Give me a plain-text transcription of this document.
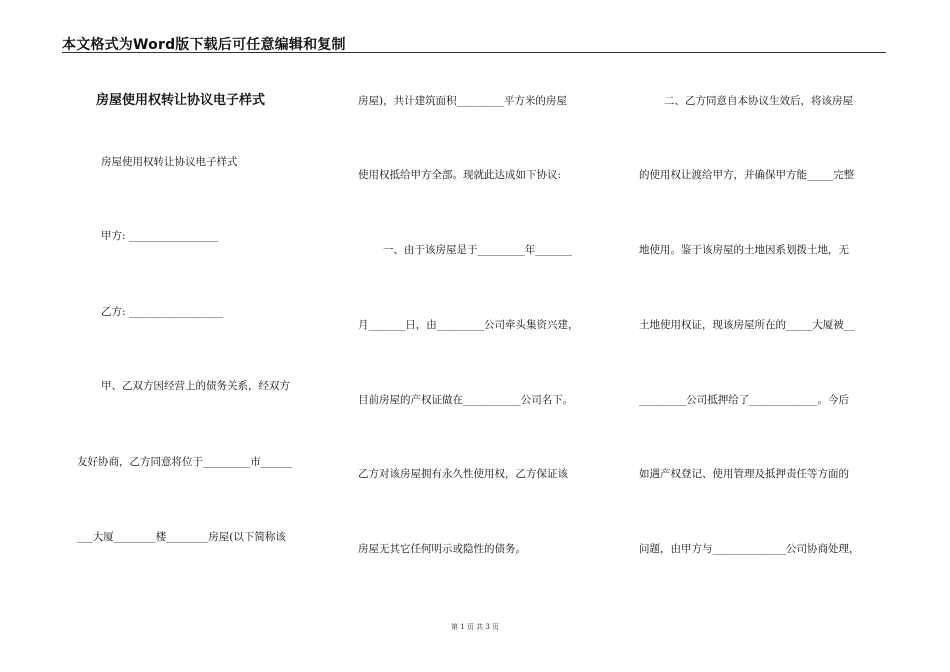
本文格式为Word版下载后可任意编辑和复制
房屋使用权转让协议电子样式
房屋使用权转让协议电子样式
甲方: _________________
乙方: __________________
甲、乙双方因经营上的债务关系，经双方
友好协商，乙方同意将位于_________市______
___大厦________楼________房屋(以下简称该
房屋)，共计建筑面积_________平方米的房屋
使用权抵给甲方全部。现就此达成如下协议:
一、由于该房屋是于_________年_______
月_______日，由_________公司牵头集资兴建，
目前房屋的产权证做在___________公司名下。
乙方对该房屋拥有永久性使用权，乙方保证该
房屋无其它任何明示或隐性的债务。
二、乙方同意自本协议生效后，将该房屋
的使用权让渡给甲方，并确保甲方能_____完整
地使用。鉴于该房屋的土地因系划拨土地，无
土地使用权证，现该房屋所在的_____大厦被__
_________公司抵押给了_____________。今后
如遇产权登记、使用管理及抵押责任等方面的
问题，由甲方与______________公司协商处理，
第 1 页 共 3 页
